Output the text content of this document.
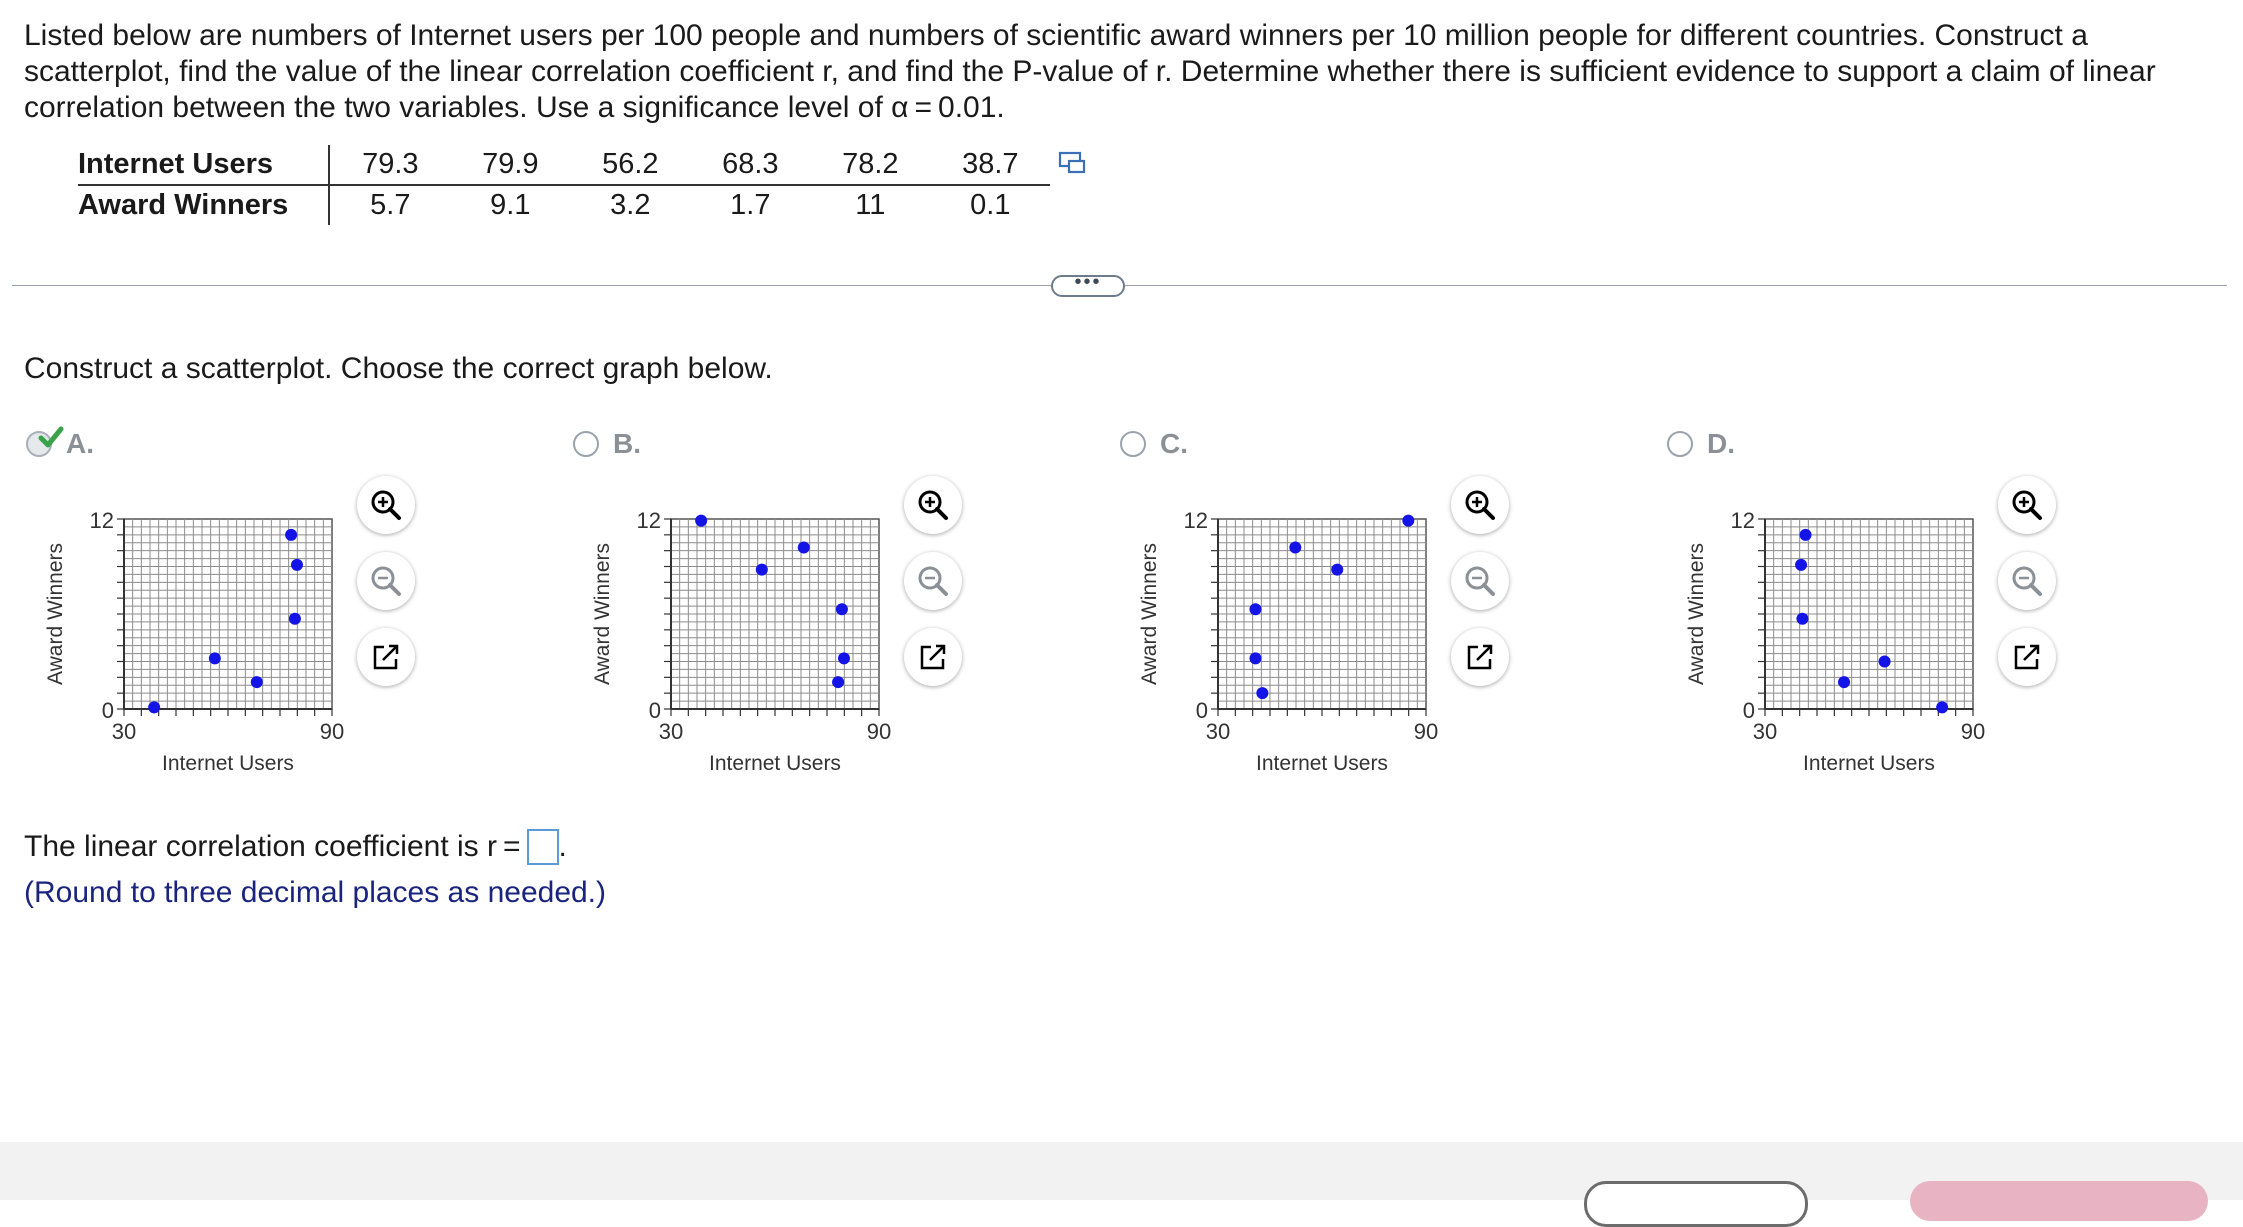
Listed below are numbers of Internet users per 100 people and numbers of scientific award winners per 10 million people for different countries. Construct a scatterplot, find the value of the linear correlation coefficient r, and find the P-value of r. Determine whether there is sufficient evidence to support a claim of linear correlation between the two variables. Use a significance level of α = 0.01.

Internet Users	79.3	79.9	56.2	68.3	78.2	38.7
Award Winners	5.7	9.1	3.2	1.7	11	0.1
•••

Construct a scatterplot. Choose the correct graph below.

A.
12
0
30	90
Internet Users
Award Winners
B.
12
0
30	90
Internet Users
Award Winners
C.
12
0
30	90
Internet Users
Award Winners
D.
12
0
30	90
Internet Users
Award Winners

The linear correlation coefficient is r = .

(Round to three decimal places as needed.)
